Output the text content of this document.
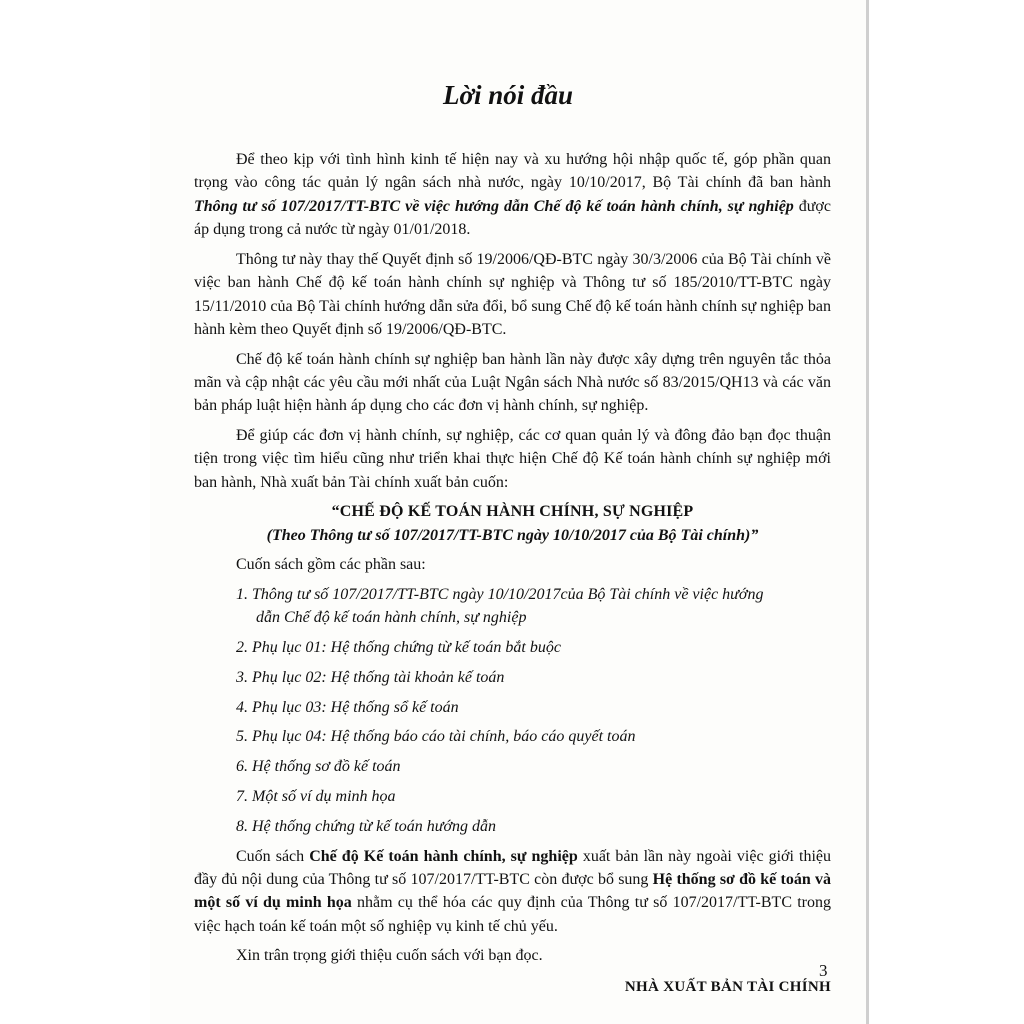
Lời nói đầu

Để theo kịp với tình hình kinh tế hiện nay và xu hướng hội nhập quốc tế, góp phần quan trọng vào công tác quản lý ngân sách nhà nước, ngày 10/10/2017, Bộ Tài chính đã ban hành Thông tư số 107/2017/TT-BTC về việc hướng dẫn Chế độ kế toán hành chính, sự nghiệp được áp dụng trong cả nước từ ngày 01/01/2018.

Thông tư này thay thế Quyết định số 19/2006/QĐ-BTC ngày 30/3/2006 của Bộ Tài chính về việc ban hành Chế độ kế toán hành chính sự nghiệp và Thông tư số 185/2010/TT-BTC ngày 15/11/2010 của Bộ Tài chính hướng dẫn sửa đổi, bổ sung Chế độ kế toán hành chính sự nghiệp ban hành kèm theo Quyết định số 19/2006/QĐ-BTC.

Chế độ kế toán hành chính sự nghiệp ban hành lần này được xây dựng trên nguyên tắc thỏa mãn và cập nhật các yêu cầu mới nhất của Luật Ngân sách Nhà nước số 83/2015/QH13 và các văn bản pháp luật hiện hành áp dụng cho các đơn vị hành chính, sự nghiệp.

Để giúp các đơn vị hành chính, sự nghiệp, các cơ quan quản lý và đông đảo bạn đọc thuận tiện trong việc tìm hiểu cũng như triển khai thực hiện Chế độ Kế toán hành chính sự nghiệp mới ban hành, Nhà xuất bản Tài chính xuất bản cuốn:

“CHẾ ĐỘ KẾ TOÁN HÀNH CHÍNH, SỰ NGHIỆP

(Theo Thông tư số 107/2017/TT-BTC ngày 10/10/2017 của Bộ Tài chính)”

Cuốn sách gồm các phần sau:

1. Thông tư số 107/2017/TT-BTC ngày 10/10/2017của Bộ Tài chính về việc hướng
dẫn Chế độ kế toán hành chính, sự nghiệp
2. Phụ lục 01: Hệ thống chứng từ kế toán bắt buộc
3. Phụ lục 02: Hệ thống tài khoản kế toán
4. Phụ lục 03: Hệ thống sổ kế toán
5. Phụ lục 04: Hệ thống báo cáo tài chính, báo cáo quyết toán
6. Hệ thống sơ đồ kế toán
7. Một số ví dụ minh họa
8. Hệ thống chứng từ kế toán hướng dẫn

Cuốn sách Chế độ Kế toán hành chính, sự nghiệp xuất bản lần này ngoài việc giới thiệu đầy đủ nội dung của Thông tư số 107/2017/TT-BTC còn được bổ sung Hệ thống sơ đồ kế toán và một số ví dụ minh họa nhằm cụ thể hóa các quy định của Thông tư số 107/2017/TT-BTC trong việc hạch toán kế toán một số nghiệp vụ kinh tế chủ yếu.

Xin trân trọng giới thiệu cuốn sách với bạn đọc.

NHÀ XUẤT BẢN TÀI CHÍNH

3
